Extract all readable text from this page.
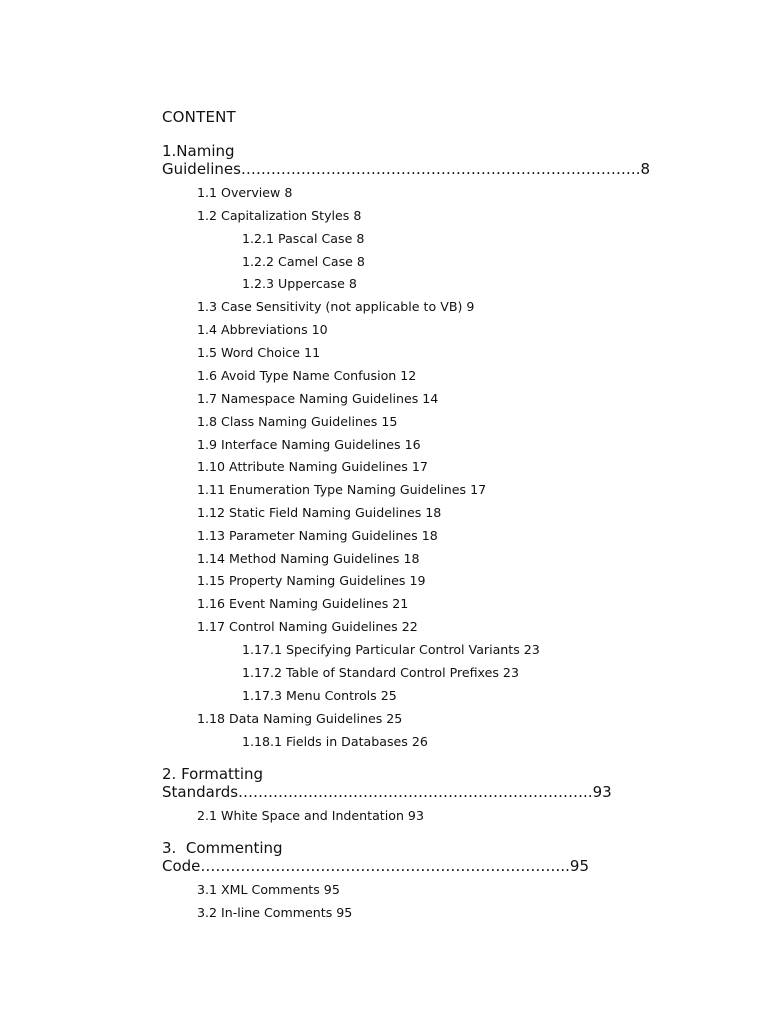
CONTENT
1.Naming
Guidelines……………………………………………………………………..8
1.1 Overview 8
1.2 Capitalization Styles 8
1.2.1 Pascal Case 8
1.2.2 Camel Case 8
1.2.3 Uppercase 8
1.3 Case Sensitivity (not applicable to VB) 9
1.4 Abbreviations 10
1.5 Word Choice 11
1.6 Avoid Type Name Confusion 12
1.7 Namespace Naming Guidelines 14
1.8 Class Naming Guidelines 15
1.9 Interface Naming Guidelines 16
1.10 Attribute Naming Guidelines 17
1.11 Enumeration Type Naming Guidelines 17
1.12 Static Field Naming Guidelines 18
1.13 Parameter Naming Guidelines 18
1.14 Method Naming Guidelines 18
1.15 Property Naming Guidelines 19
1.16 Event Naming Guidelines 21
1.17 Control Naming Guidelines 22
1.17.1 Specifying Particular Control Variants 23
1.17.2 Table of Standard Control Prefixes 23
1.17.3 Menu Controls 25
1.18 Data Naming Guidelines 25
1.18.1 Fields in Databases 26
2. Formatting
Standards……………………………………………………………..93
2.1 White Space and Indentation 93
3.  Commenting
Code………………………………………………………………..95
3.1 XML Comments 95
3.2 In-line Comments 95
